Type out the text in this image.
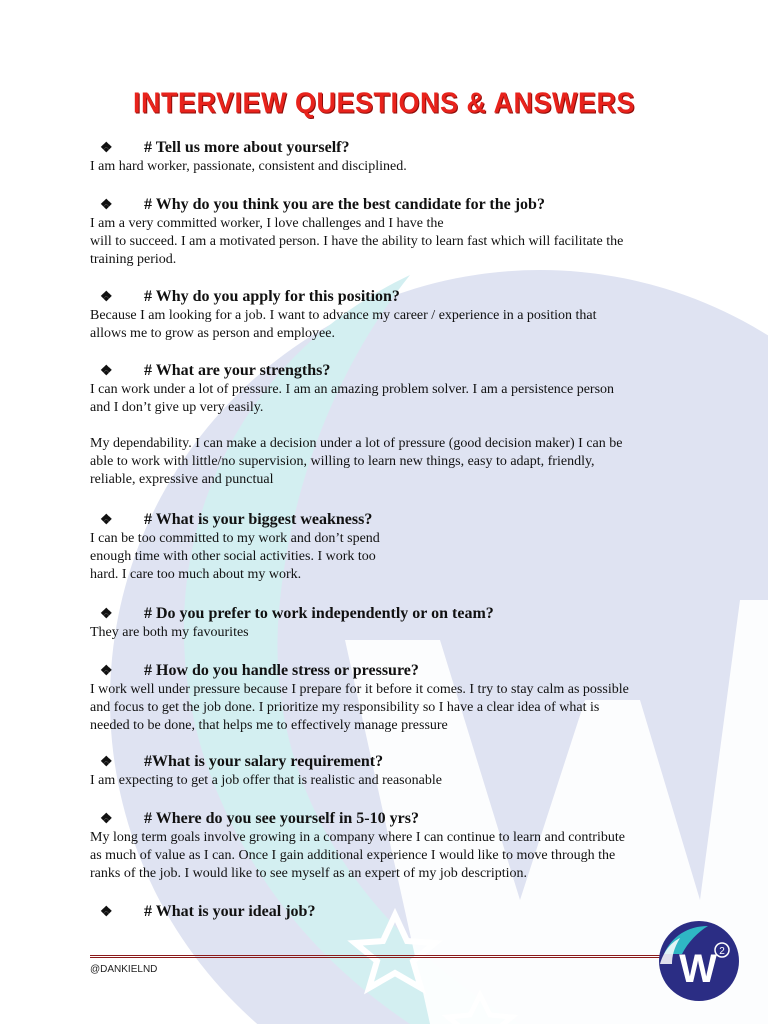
INTERVIEW QUESTIONS & ANSWERS
❖ # Tell us more about yourself?
I am hard worker, passionate, consistent and disciplined.
❖ # Why do you think you are the best candidate for the job?
I am a very committed worker, I love challenges and I have the
will to succeed. I am a motivated person. I have the ability to learn fast which will facilitate the
training period.
❖ # Why do you apply for this position?
Because I am looking for a job. I want to advance my career / experience in a position that
allows me to grow as person and employee.
❖ # What are your strengths?
I can work under a lot of pressure. I am an amazing problem solver. I am a persistence person
and I don’t give up very easily.

My dependability. I can make a decision under a lot of pressure (good decision maker) I can be
able to work with little/no supervision, willing to learn new things, easy to adapt, friendly,
reliable, expressive and punctual
❖ # What is your biggest weakness?
I can be too committed to my work and don’t spend
enough time with other social activities. I work too
hard. I care too much about my work.
❖ # Do you prefer to work independently or on team?
They are both my favourites
❖ # How do you handle stress or pressure?
I work well under pressure because I prepare for it before it comes. I try to stay calm as possible
and focus to get the job done. I prioritize my responsibility so I have a clear idea of what is
needed to be done, that helps me to effectively manage pressure
❖ #What is your salary requirement?
I am expecting to get a job offer that is realistic and reasonable
❖ # Where do you see yourself in 5-10 yrs?
My long term goals involve growing in a company where I can continue to learn and contribute
as much of value as I can. Once I gain additional experience I would like to move through the
ranks of the job. I would like to see myself as an expert of my job description.
❖ # What is your ideal job?
@DANKIELND	W 2
